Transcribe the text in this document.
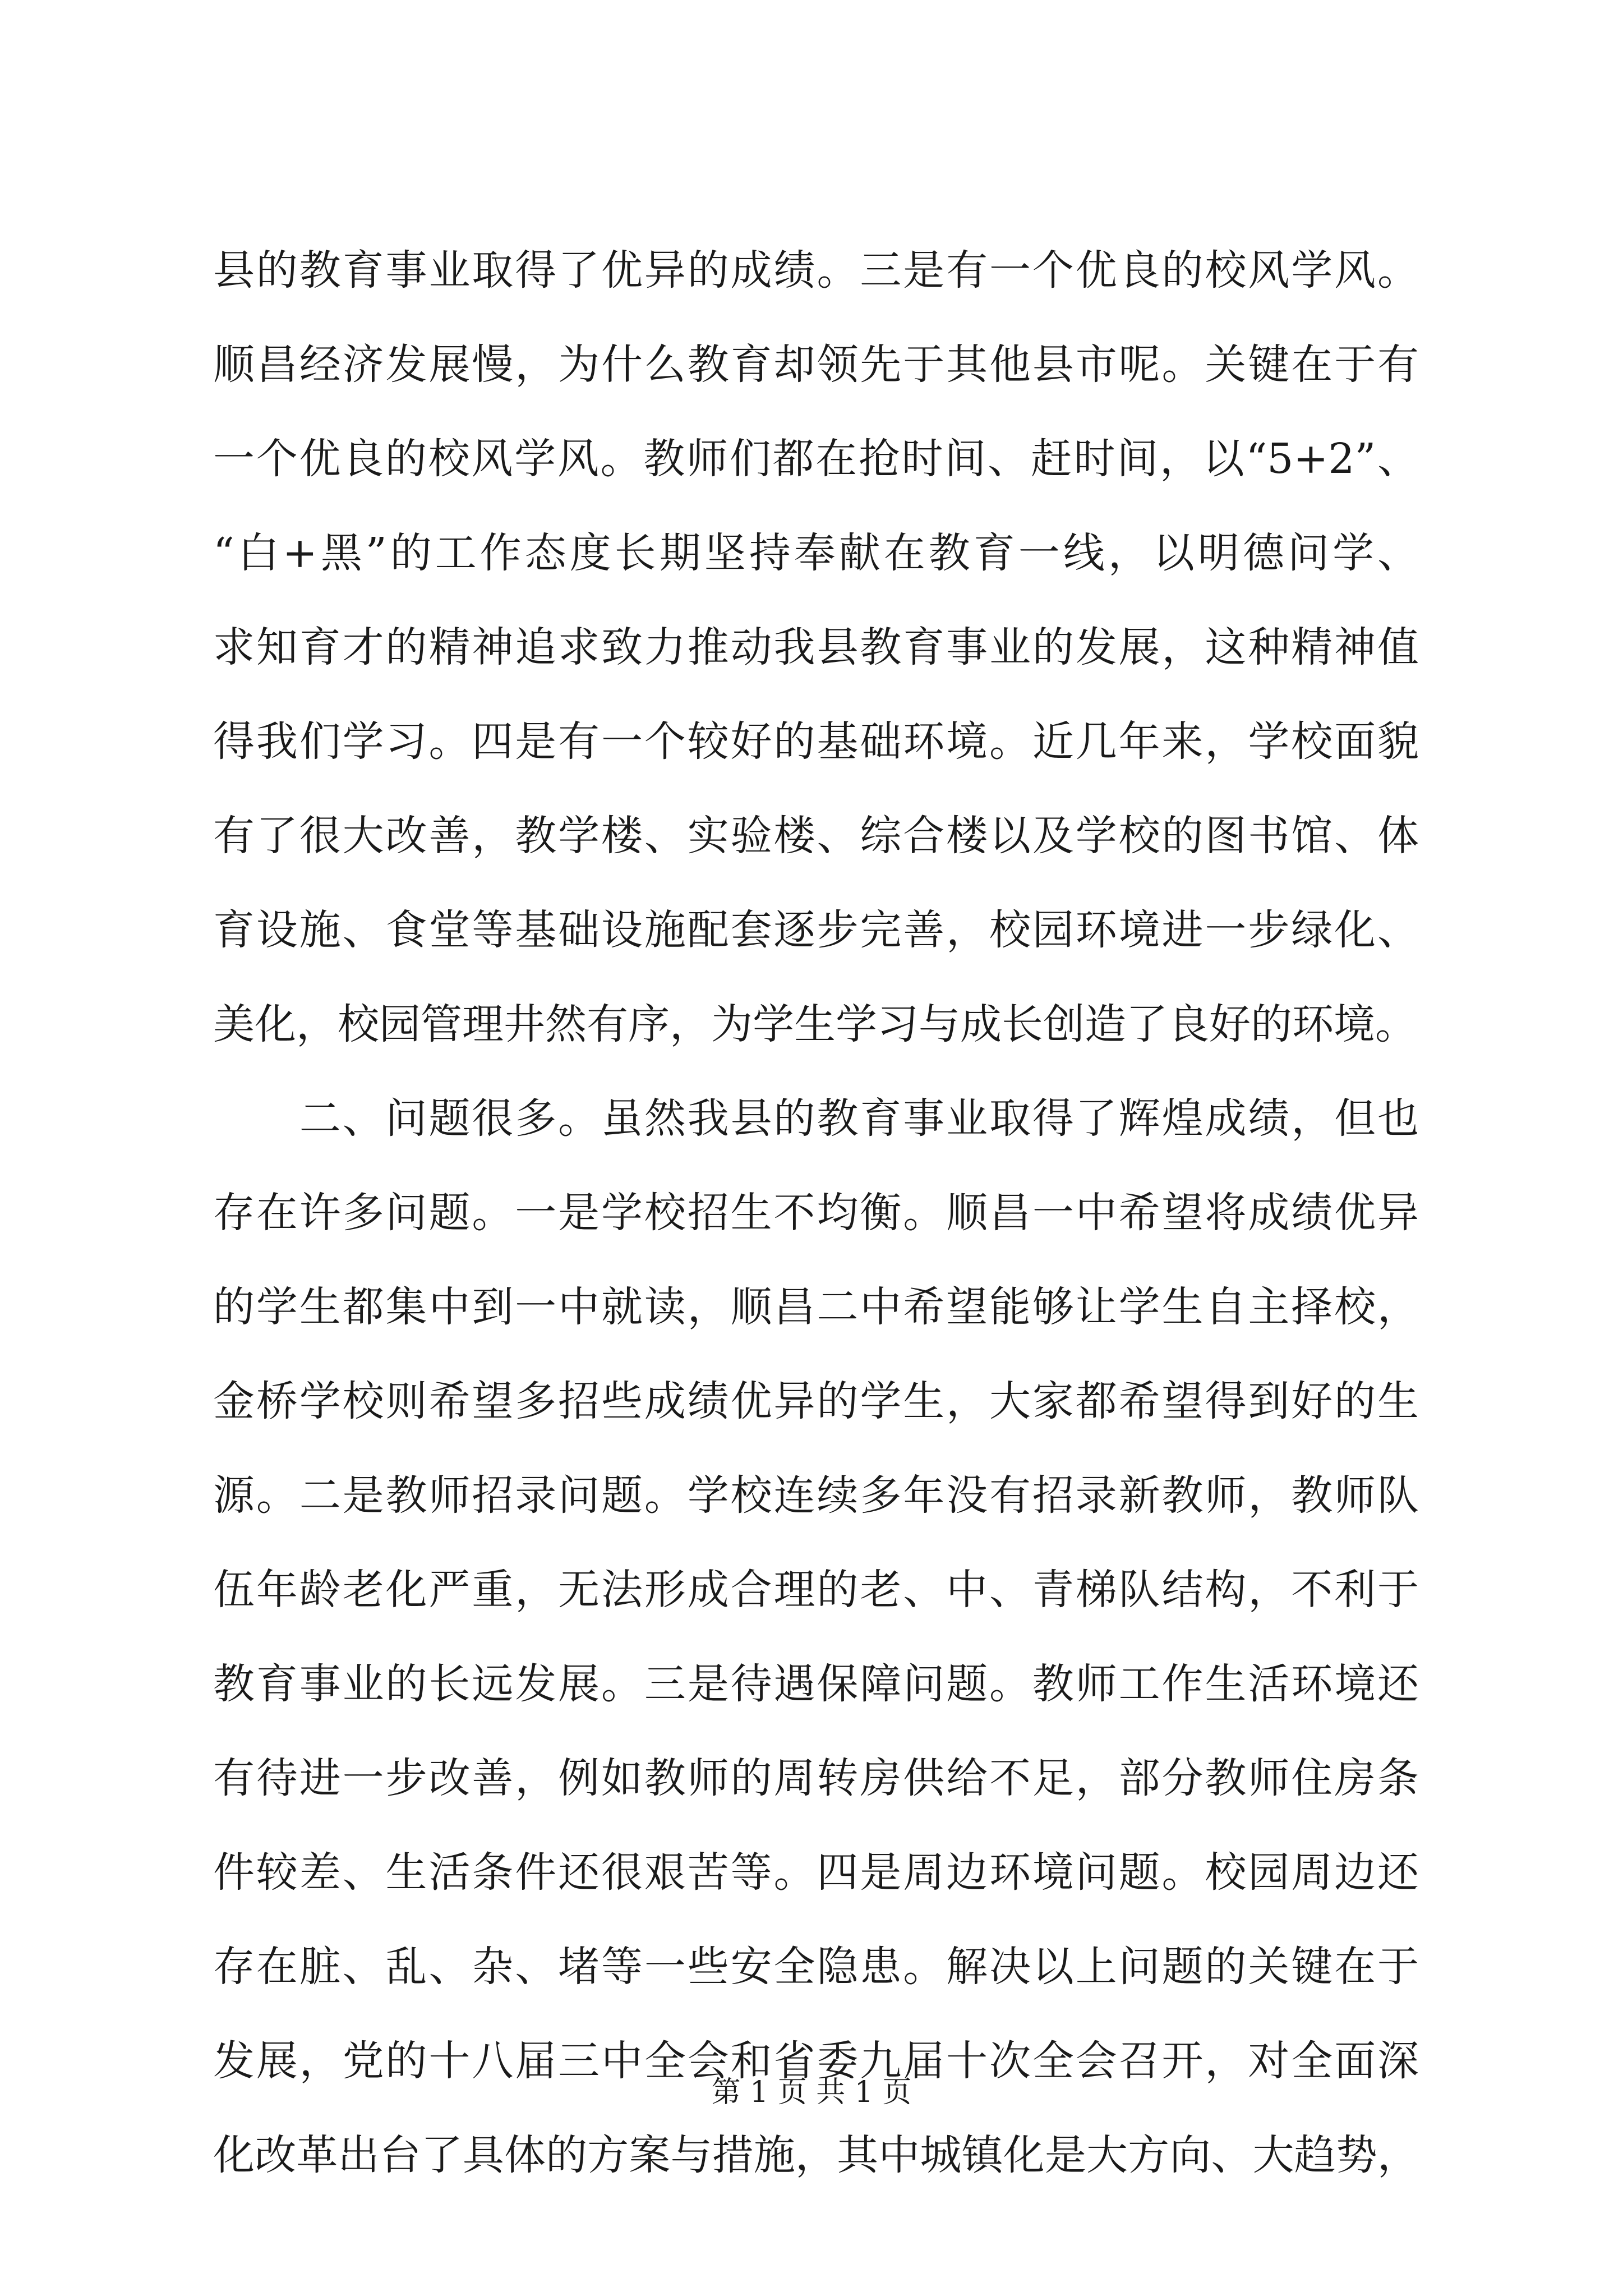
县的教育事业取得了优异的成绩。三是有一个优良的校风学风。
顺昌经济发展慢，为什么教育却领先于其他县市呢。关键在于有
一个优良的校风学风。教师们都在抢时间、赶时间，以“5+2”、
“白+黑”的工作态度长期坚持奉献在教育一线，以明德问学、
求知育才的精神追求致力推动我县教育事业的发展，这种精神值
得我们学习。四是有一个较好的基础环境。近几年来，学校面貌
有了很大改善，教学楼、实验楼、综合楼以及学校的图书馆、体
育设施、食堂等基础设施配套逐步完善，校园环境进一步绿化、
美化，校园管理井然有序，为学生学习与成长创造了良好的环境。
　　二、问题很多。虽然我县的教育事业取得了辉煌成绩，但也
存在许多问题。一是学校招生不均衡。顺昌一中希望将成绩优异
的学生都集中到一中就读，顺昌二中希望能够让学生自主择校，
金桥学校则希望多招些成绩优异的学生，大家都希望得到好的生
源。二是教师招录问题。学校连续多年没有招录新教师，教师队
伍年龄老化严重，无法形成合理的老、中、青梯队结构，不利于
教育事业的长远发展。三是待遇保障问题。教师工作生活环境还
有待进一步改善，例如教师的周转房供给不足，部分教师住房条
件较差、生活条件还很艰苦等。四是周边环境问题。校园周边还
存在脏、乱、杂、堵等一些安全隐患。解决以上问题的关键在于
发展，党的十八届三中全会和省委九届十次全会召开，对全面深
化改革出台了具体的方案与措施，其中城镇化是大方向、大趋势，
第 1 页 共 1 页
